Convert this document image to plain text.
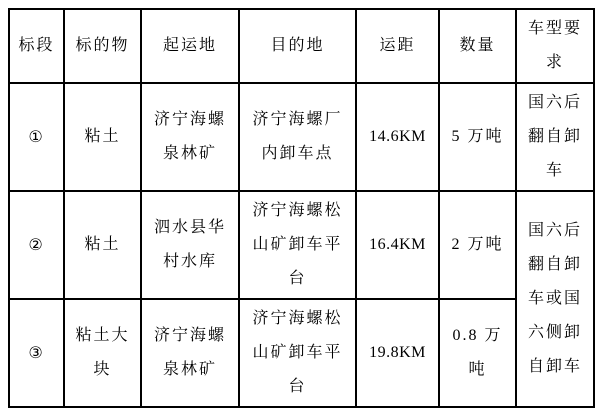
标段	标的物	起运地	目的地	运距	数量	车型要求
①	粘土	济宁海螺泉林矿	济宁海螺厂内卸车点	14.6KM	5 万吨	国六后翻自卸车
②	粘土	泗水县华村水库	济宁海螺松山矿卸车平台	16.4KM	2 万吨	国六后翻自卸车或国六侧卸自卸车
③	粘土大块	济宁海螺泉林矿	济宁海螺松山矿卸车平台	19.8KM	0.8 万吨	
